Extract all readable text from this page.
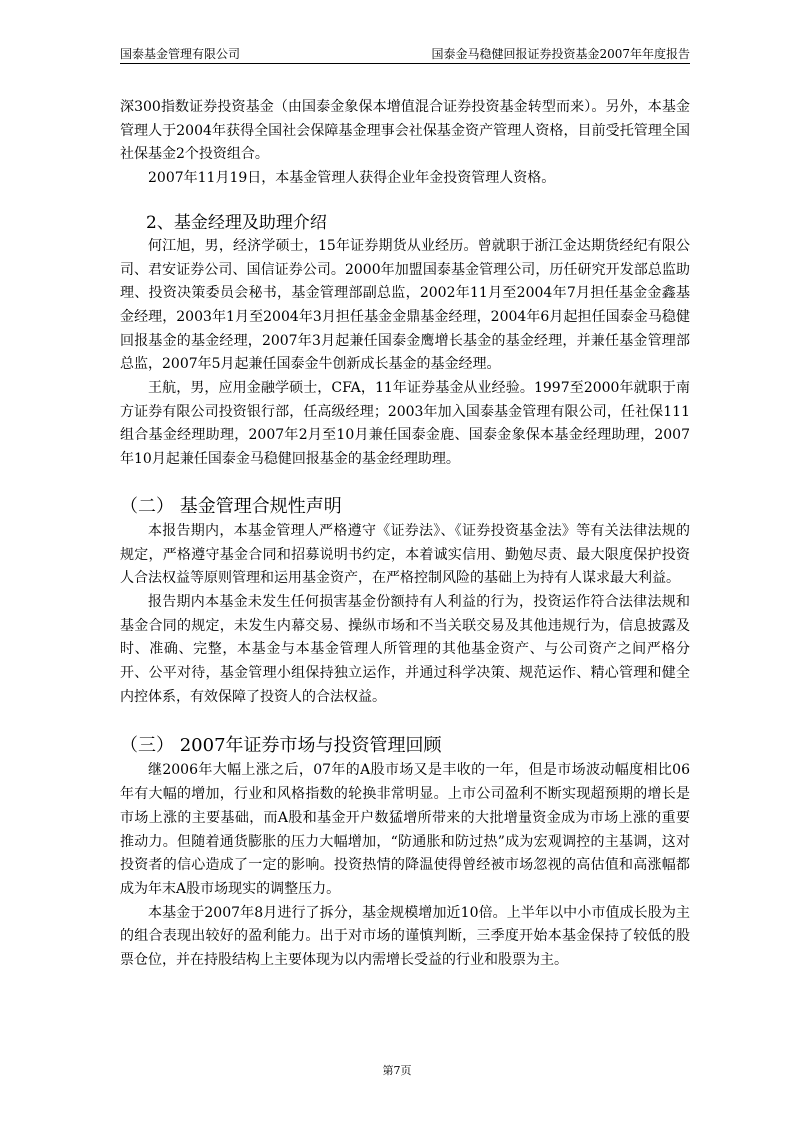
国泰基金管理有限公司	国泰金马稳健回报证券投资基金2007年年度报告

深300指数证券投资基金（由国泰金象保本增值混合证券投资基金转型而来）。另外，本基金管理人于2004年获得全国社会保障基金理事会社保基金资产管理人资格，目前受托管理全国社保基金2个投资组合。

2007年11月19日，本基金管理人获得企业年金投资管理人资格。

2、基金经理及助理介绍

何江旭，男，经济学硕士，15年证券期货从业经历。曾就职于浙江金达期货经纪有限公司、君安证券公司、国信证券公司。2000年加盟国泰基金管理公司，历任研究开发部总监助理、投资决策委员会秘书，基金管理部副总监，2002年11月至2004年7月担任基金金鑫基金经理，2003年1月至2004年3月担任基金金鼎基金经理，2004年6月起担任国泰金马稳健回报基金的基金经理，2007年3月起兼任国泰金鹰增长基金的基金经理，并兼任基金管理部总监，2007年5月起兼任国泰金牛创新成长基金的基金经理。

王航，男，应用金融学硕士，CFA，11年证券基金从业经验。1997至2000年就职于南方证券有限公司投资银行部，任高级经理；2003年加入国泰基金管理有限公司，任社保111组合基金经理助理，2007年2月至10月兼任国泰金鹿、国泰金象保本基金经理助理，2007年10月起兼任国泰金马稳健回报基金的基金经理助理。

（二） 基金管理合规性声明

本报告期内，本基金管理人严格遵守《证券法》、《证券投资基金法》等有关法律法规的规定，严格遵守基金合同和招募说明书约定，本着诚实信用、勤勉尽责、最大限度保护投资人合法权益等原则管理和运用基金资产，在严格控制风险的基础上为持有人谋求最大利益。

报告期内本基金未发生任何损害基金份额持有人利益的行为，投资运作符合法律法规和基金合同的规定，未发生内幕交易、操纵市场和不当关联交易及其他违规行为，信息披露及时、准确、完整，本基金与本基金管理人所管理的其他基金资产、与公司资产之间严格分开、公平对待，基金管理小组保持独立运作，并通过科学决策、规范运作、精心管理和健全内控体系，有效保障了投资人的合法权益。

（三） 2007年证券市场与投资管理回顾

继2006年大幅上涨之后，07年的A股市场又是丰收的一年，但是市场波动幅度相比06年有大幅的增加，行业和风格指数的轮换非常明显。上市公司盈利不断实现超预期的增长是市场上涨的主要基础，而A股和基金开户数猛增所带来的大批增量资金成为市场上涨的重要推动力。但随着通货膨胀的压力大幅增加，“防通胀和防过热”成为宏观调控的主基调，这对投资者的信心造成了一定的影响。投资热情的降温使得曾经被市场忽视的高估值和高涨幅都成为年末A股市场现实的调整压力。

本基金于2007年8月进行了拆分，基金规模增加近10倍。上半年以中小市值成长股为主的组合表现出较好的盈利能力。出于对市场的谨慎判断，三季度开始本基金保持了较低的股票仓位，并在持股结构上主要体现为以内需增长受益的行业和股票为主。

第7页
